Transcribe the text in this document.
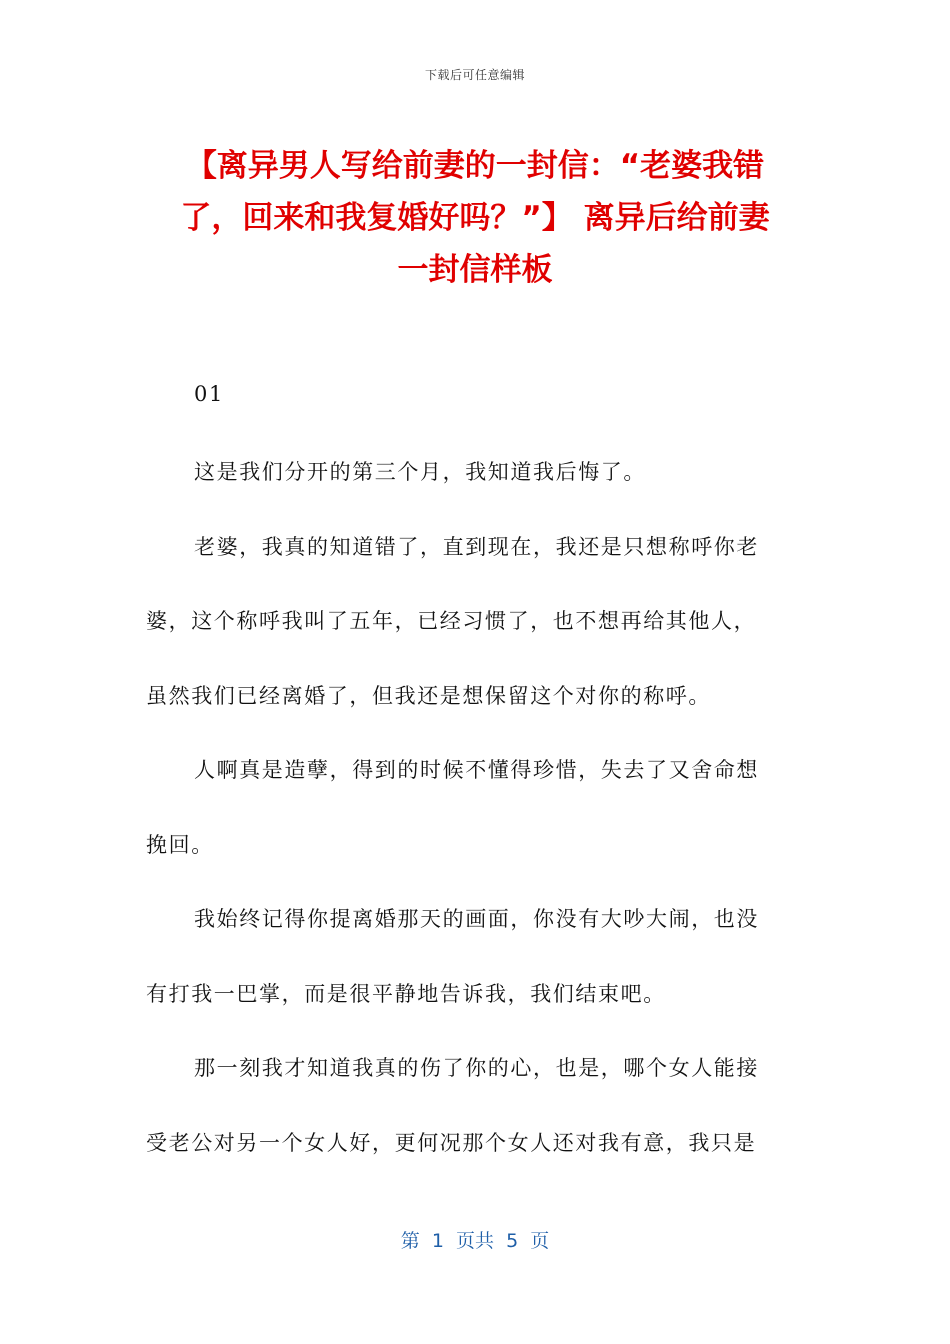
下载后可任意编辑
【离异男人写给前妻的一封信：“老婆我错
了，回来和我复婚好吗？”】 离异后给前妻
一封信样板
01
这是我们分开的第三个月，我知道我后悔了。
老婆，我真的知道错了，直到现在，我还是只想称呼你老
婆，这个称呼我叫了五年，已经习惯了，也不想再给其他人，
虽然我们已经离婚了，但我还是想保留这个对你的称呼。
人啊真是造孽，得到的时候不懂得珍惜，失去了又舍命想
挽回。
我始终记得你提离婚那天的画面，你没有大吵大闹，也没
有打我一巴掌，而是很平静地告诉我，我们结束吧。
那一刻我才知道我真的伤了你的心，也是，哪个女人能接
受老公对另一个女人好，更何况那个女人还对我有意，我只是
第  1  页共  5  页
